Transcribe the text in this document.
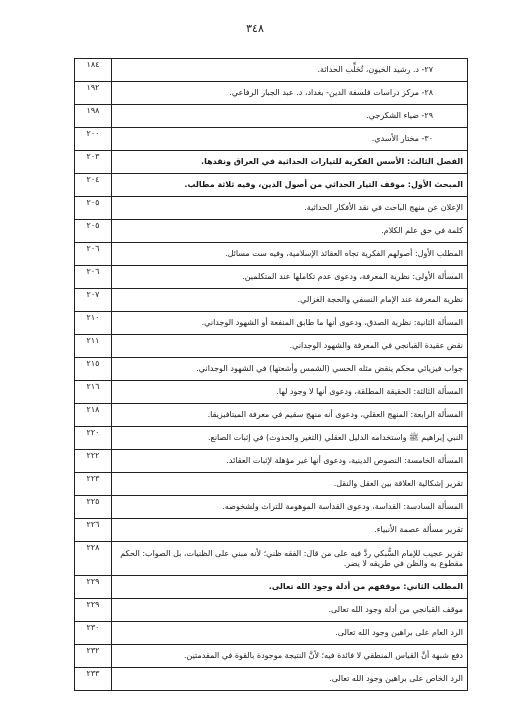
٣٤٨
٢٧- د. رشيد الخيون، تُحَلِّب الحداثة.	١٨٤
٢٨- مركز دراسات فلسفة الدين- بغداد، د. عبد الجبار الرفاعي.	١٩٢
٢٩- ضياء الشكرجي.	١٩٨
٣٠- مختار الأسدي.	٢٠٠
الفصل الثالث: الأسس الفكرية للتيارات الحداثية في العراق ونقدها.	٢٠٣
المبحث الأول: موقف التيار الحداثي من أصول الدين، وفيه ثلاثة مطالب.	٢٠٤
الإعلان عن منهج الباحث في نقد الأفكار الحداثية.	٢٠٥
كلمة في حق علم الكلام.	٢٠٥
المطلب الأول: أصولهم الفكرية تجاه العقائد الإسلامية، وفيه ست مسائل.	٢٠٦
المسألة الأولى: نظرية المعرفة، ودعوى عدم تكاملها عند المتكلمين.	٢٠٦
نظرية المعرفة عند الإمام النسفي والحجة الغزالي.	٢٠٧
المسألة الثانية: نظرية الصدق، ودعوى أنها ما طابق المنفعة أو الشهود الوجداني.	٢١٠
نقض عقيدة القبانجي في المعرفة والشهود الوجداني.	٢١١
جواب فيزيائي محكم ينقض مثله الحسي (الشمس وأشعتها) في الشهود الوجداني.	٢١٥
المسألة الثالثة: الحقيقة المطلقة، ودعوى أنها لا وجود لها.	٢١٦
المسألة الرابعة: المنهج العقلي، ودعوى أنه منهج سقيم في معرفة الميتافيزيقا.	٢١٨
النبي إبراهيم ﷺ واستخدامه الدليل العقلي (التغير والحدوث) في إثبات الصانع.	٢٢٠
المسألة الخامسة: النصوص الدينية، ودعوى أنها غير مؤهلة لإثبات العقائد.	٢٢٢
تقرير إشكالية العلاقة بين العقل والنقل.	٢٢٣
المسألة السادسة: القداسة، ودعوى القداسة الموهومة للتراث ولشخوصه.	٢٢٥
تقرير مسألة عصمة الأنبياء.	٢٢٦
تقرير عجيب للإمام السُّبكي ردَّ فيه على من قال: الفقه ظني؛ لأنه مبني على الظنيات، بل الصواب: الحكم مقطوع به والظن في طريقه لا يضر.	٢٢٨
المطلب الثاني: موقفهم من أدلة وجود الله تعالى.	٢٢٩
موقف القبانجي من أدلة وجود الله تعالى.	٢٢٩
الرد العام على براهين وجود الله تعالى.	٢٣٠
دفع شبهة أنَّ القياس المنطقي لا فائدة فيه؛ لأنَّ النتيجة موجودة بالقوة في المقدمتين.	٢٣٢
الرد الخاص على براهين وجود الله تعالى.	٢٣٣
